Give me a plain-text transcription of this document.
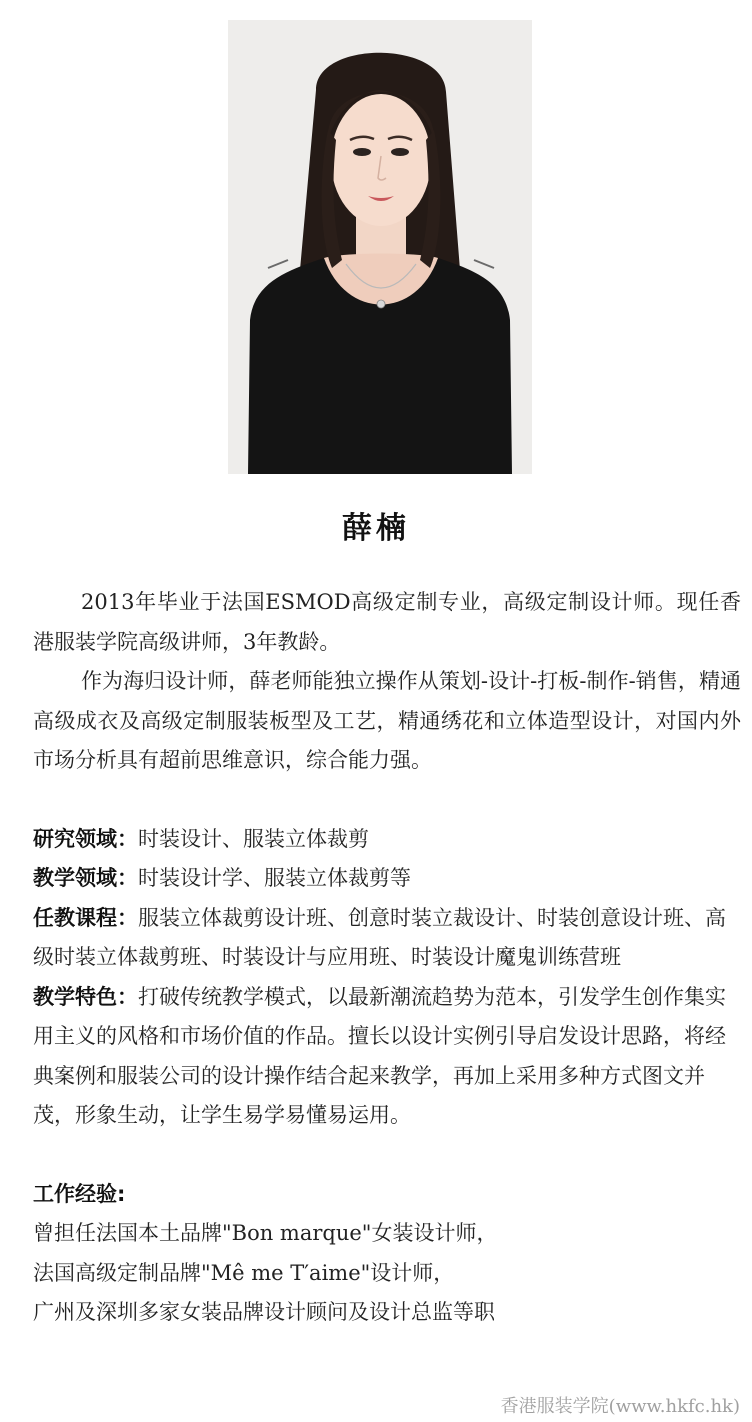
薛楠

2013年毕业于法国ESMOD高级定制专业，高级定制设计师。现任香港服装学院高级讲师，3年教龄。

作为海归设计师，薛老师能独立操作从策划-设计-打板-制作-销售，精通高级成衣及高级定制服装板型及工艺，精通绣花和立体造型设计，对国内外市场分析具有超前思维意识，综合能力强。

研究领域：时装设计、服装立体裁剪

教学领域：时装设计学、服装立体裁剪等

任教课程：服装立体裁剪设计班、创意时装立裁设计、时装创意设计班、高级时装立体裁剪班、时装设计与应用班、时装设计魔鬼训练营班

教学特色：打破传统教学模式，以最新潮流趋势为范本，引发学生创作集实用主义的风格和市场价值的作品。擅长以设计实例引导启发设计思路，将经典案例和服装公司的设计操作结合起来教学，再加上采用多种方式图文并茂，形象生动，让学生易学易懂易运用。

工作经验:

曾担任法国本土品牌"Bon marque"女装设计师，

法国高级定制品牌"Mê me T′aime"设计师，

广州及深圳多家女装品牌设计顾问及设计总监等职

香港服装学院(www.hkfc.hk)
